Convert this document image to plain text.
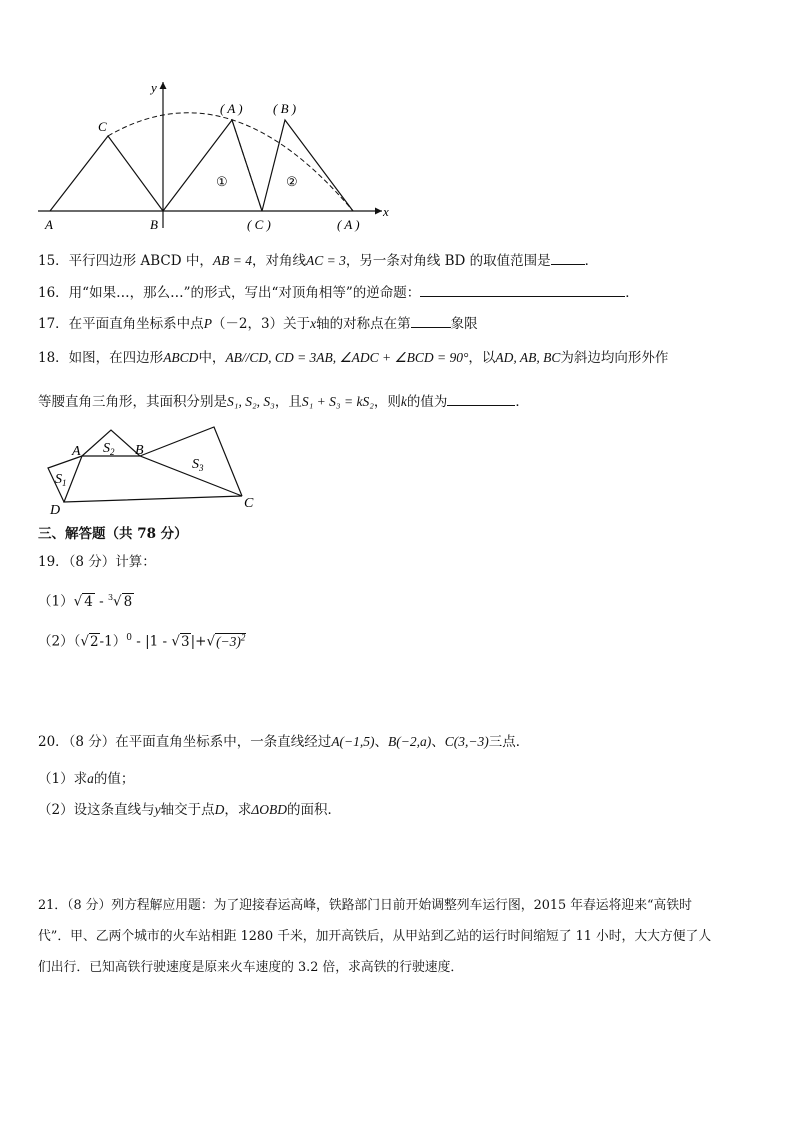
y
x
A
C
B
( A ) ( B )
( C )	( A )
①	②
15．平行四边形 ABCD 中，AB = 4，对角线AC = 3，另一条对角线 BD 的取值范围是	．
16．用“如果…，那么…”的形式，写出“对顶角相等”的逆命题：	．
17．在平面直角坐标系中点P（－2，3）关于x轴的对称点在第	象限
18．如图，在四边形ABCD中，AB//CD, CD = 3AB, ∠ADC + ∠BCD = 90°，以AD, AB, BC为斜边均向形外作
等腰直角三角形，其面积分别是S₁, S₂, S₃，且S₁ + S₃ = kS₂，则k的值为	．
A	B
C
D
$S_1$
$S_2$
$S_3$
三、解答题（共 78 分）
19．（8 分）计算：
（1）√ 4 - $^3$√ 8
$(2)(√2-1)^0 - |1 - √3|+√(-3)^2$
20．（8 分）在平面直角坐标系中，一条直线经过A(−1,5)、B(−2,a)、C(3,−3)三点．
（1）求a的值；
（2）设这条直线与y轴交于点D，求ΔOBD的面积．
21．（8 分）列方程解应用题：为了迎接春运高峰，铁路部门日前开始调整列车运行图，2015 年春运将迎来“高铁时
代”．甲、乙两个城市的火车站相距 1280 千米，加开高铁后，从甲站到乙站的运行时间缩短了 11 小时，大大方便了人
们出行．已知高铁行驶速度是原来火车速度的 3.2 倍，求高铁的行驶速度．
